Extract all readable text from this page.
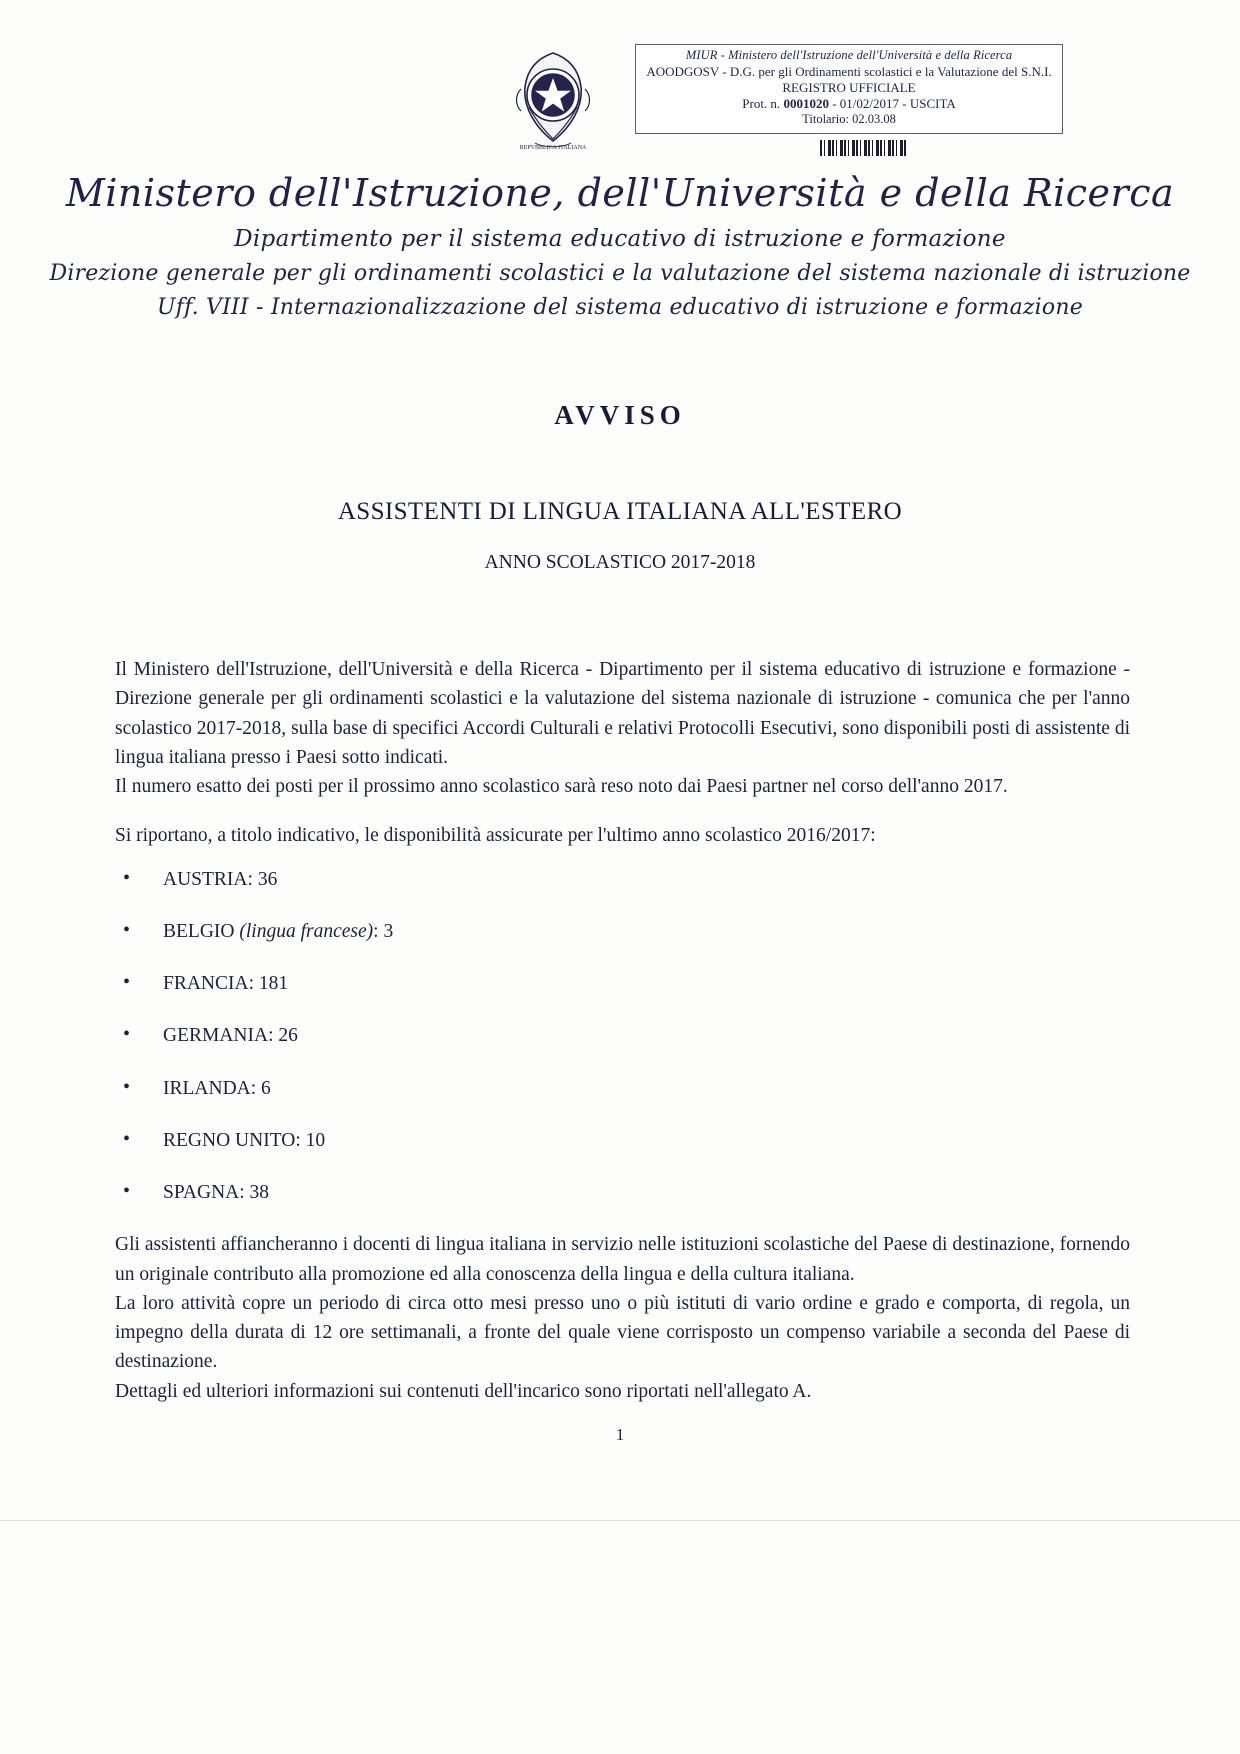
REPVBBLICA ITALIANA
MIUR - Ministero dell'Istruzione dell'Università e della Ricerca
AOODGOSV - D.G. per gli Ordinamenti scolastici e la Valutazione del S.N.I.
REGISTRO UFFICIALE
Prot. n. 0001020 - 01/02/2017 - USCITA
Titolario: 02.03.08
Ministero dell'Istruzione, dell'Università e della Ricerca
Dipartimento per il sistema educativo di istruzione e formazione
Direzione generale per gli ordinamenti scolastici e la valutazione del sistema nazionale di istruzione
Uff. VIII - Internazionalizzazione del sistema educativo di istruzione e formazione
AVVISO
ASSISTENTI DI LINGUA ITALIANA ALL'ESTERO
ANNO SCOLASTICO 2017-2018

Il Ministero dell'Istruzione, dell'Università e della Ricerca - Dipartimento per il sistema educativo di istruzione e formazione - Direzione generale per gli ordinamenti scolastici e la valutazione del sistema nazionale di istruzione - comunica che per l'anno scolastico 2017-2018, sulla base di specifici Accordi Culturali e relativi Protocolli Esecutivi, sono disponibili posti di assistente di lingua italiana presso i Paesi sotto indicati.

Il numero esatto dei posti per il prossimo anno scolastico sarà reso noto dai Paesi partner nel corso dell'anno 2017.

Si riportano, a titolo indicativo, le disponibilità assicurate per l'ultimo anno scolastico 2016/2017:

• AUSTRIA: 36
• BELGIO (lingua francese): 3
• FRANCIA: 181
• GERMANIA: 26
• IRLANDA: 6
• REGNO UNITO: 10
• SPAGNA: 38

Gli assistenti affiancheranno i docenti di lingua italiana in servizio nelle istituzioni scolastiche del Paese di destinazione, fornendo un originale contributo alla promozione ed alla conoscenza della lingua e della cultura italiana.

La loro attività copre un periodo di circa otto mesi presso uno o più istituti di vario ordine e grado e comporta, di regola, un impegno della durata di 12 ore settimanali, a fronte del quale viene corrisposto un compenso variabile a seconda del Paese di destinazione.

Dettagli ed ulteriori informazioni sui contenuti dell'incarico sono riportati nell'allegato A.

1
